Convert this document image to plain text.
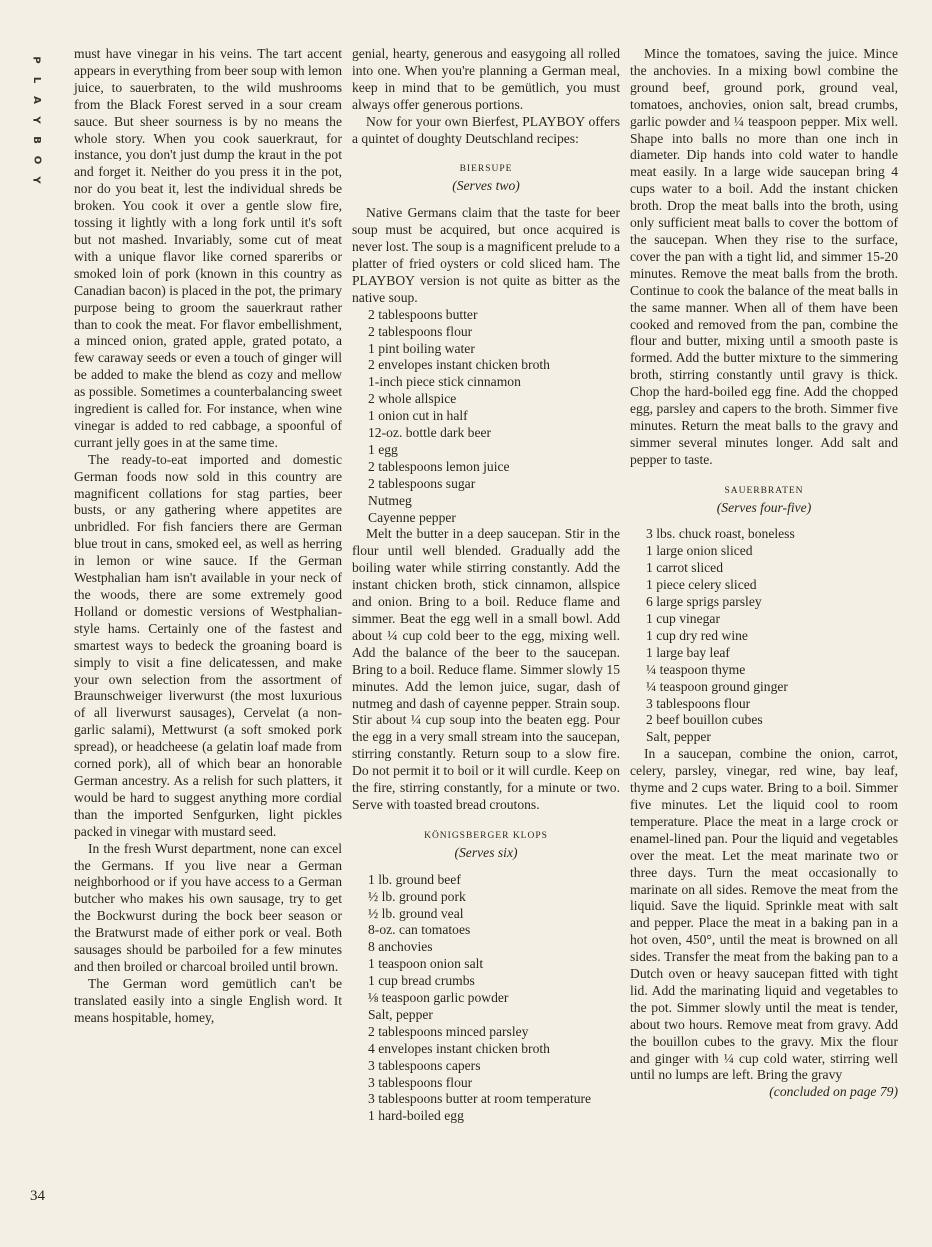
P
L
A
Y
B
O
Y
34

must have vinegar in his veins. The tart accent appears in everything from beer soup with lemon juice, to sauerbraten, to the wild mushrooms from the Black Forest served in a sour cream sauce. But sheer sourness is by no means the whole story. When you cook sauerkraut, for instance, you don't just dump the kraut in the pot and forget it. Neither do you press it in the pot, nor do you beat it, lest the individual shreds be broken. You cook it over a gentle slow fire, tossing it lightly with a long fork until it's soft but not mashed. Invariably, some cut of meat with a unique flavor like corned spareribs or smoked loin of pork (known in this country as Canadian bacon) is placed in the pot, the primary purpose being to groom the sauerkraut rather than to cook the meat. For flavor embellishment, a minced onion, grated apple, grated potato, a few caraway seeds or even a touch of ginger will be added to make the blend as cozy and mellow as possible. Sometimes a counterbalancing sweet ingredient is called for. For instance, when wine vinegar is added to red cabbage, a spoonful of currant jelly goes in at the same time.

The ready-to-eat imported and domestic German foods now sold in this country are magnificent collations for stag parties, beer busts, or any gathering where appetites are unbridled. For fish fanciers there are German blue trout in cans, smoked eel, as well as herring in lemon or wine sauce. If the German Westphalian ham isn't available in your neck of the woods, there are some extremely good Holland or domestic versions of Westphalian-style hams. Certainly one of the fastest and smartest ways to bedeck the groaning board is simply to visit a fine delicatessen, and make your own selection from the assortment of Braunschweiger liverwurst (the most luxurious of all liverwurst sausages), Cervelat (a non-garlic salami), Mettwurst (a soft smoked pork spread), or headcheese (a gelatin loaf made from corned pork), all of which bear an honorable German ancestry. As a relish for such platters, it would be hard to suggest anything more cordial than the imported Senfgurken, light pickles packed in vinegar with mustard seed.

In the fresh Wurst department, none can excel the Germans. If you live near a German neighborhood or if you have access to a German butcher who makes his own sausage, try to get the Bockwurst during the bock beer season or the Bratwurst made of either pork or veal. Both sausages should be parboiled for a few minutes and then broiled or charcoal broiled until brown.

The German word gemütlich can't be translated easily into a single English word. It means hospitable, homey,

genial, hearty, generous and easygoing all rolled into one. When you're planning a German meal, keep in mind that to be gemütlich, you must always offer generous portions.

Now for your own Bierfest, PLAYBOY offers a quintet of doughty Deutschland recipes:

BIERSUPE
(Serves two)

Native Germans claim that the taste for beer soup must be acquired, but once acquired is never lost. The soup is a magnificent prelude to a platter of fried oysters or cold sliced ham. The PLAYBOY version is not quite as bitter as the native soup.

2 tablespoons butter
2 tablespoons flour
1 pint boiling water
2 envelopes instant chicken broth
1-inch piece stick cinnamon
2 whole allspice
1 onion cut in half
12-oz. bottle dark beer
1 egg
2 tablespoons lemon juice
2 tablespoons sugar
Nutmeg
Cayenne pepper

Melt the butter in a deep saucepan. Stir in the flour until well blended. Gradually add the boiling water while stirring constantly. Add the instant chicken broth, stick cinnamon, allspice and onion. Bring to a boil. Reduce flame and simmer. Beat the egg well in a small bowl. Add about ¼ cup cold beer to the egg, mixing well. Add the balance of the beer to the saucepan. Bring to a boil. Reduce flame. Simmer slowly 15 minutes. Add the lemon juice, sugar, dash of nutmeg and dash of cayenne pepper. Strain soup. Stir about ¼ cup soup into the beaten egg. Pour the egg in a very small stream into the saucepan, stirring constantly. Return soup to a slow fire. Do not permit it to boil or it will curdle. Keep on the fire, stirring constantly, for a minute or two. Serve with toasted bread croutons.

KÖNIGSBERGER KLOPS
(Serves six)
1 lb. ground beef
½ lb. ground pork
½ lb. ground veal
8-oz. can tomatoes
8 anchovies
1 teaspoon onion salt
1 cup bread crumbs
⅛ teaspoon garlic powder
Salt, pepper
2 tablespoons minced parsley
4 envelopes instant chicken broth
3 tablespoons capers
3 tablespoons flour
3 tablespoons butter at room temperature
1 hard-boiled egg

Mince the tomatoes, saving the juice. Mince the anchovies. In a mixing bowl combine the ground beef, ground pork, ground veal, tomatoes, anchovies, onion salt, bread crumbs, garlic powder and ¼ teaspoon pepper. Mix well. Shape into balls no more than one inch in diameter. Dip hands into cold water to handle meat easily. In a large wide saucepan bring 4 cups water to a boil. Add the instant chicken broth. Drop the meat balls into the broth, using only sufficient meat balls to cover the bottom of the saucepan. When they rise to the surface, cover the pan with a tight lid, and simmer 15-20 minutes. Remove the meat balls from the broth. Continue to cook the balance of the meat balls in the same manner. When all of them have been cooked and removed from the pan, combine the flour and butter, mixing until a smooth paste is formed. Add the butter mixture to the simmering broth, stirring constantly until gravy is thick. Chop the hard-boiled egg fine. Add the chopped egg, parsley and capers to the broth. Simmer five minutes. Return the meat balls to the gravy and simmer several minutes longer. Add salt and pepper to taste.

SAUERBRATEN
(Serves four-five)
3 lbs. chuck roast, boneless
1 large onion sliced
1 carrot sliced
1 piece celery sliced
6 large sprigs parsley
1 cup vinegar
1 cup dry red wine
1 large bay leaf
¼ teaspoon thyme
¼ teaspoon ground ginger
3 tablespoons flour
2 beef bouillon cubes
Salt, pepper

In a saucepan, combine the onion, carrot, celery, parsley, vinegar, red wine, bay leaf, thyme and 2 cups water. Bring to a boil. Simmer five minutes. Let the liquid cool to room temperature. Place the meat in a large crock or enamel-lined pan. Pour the liquid and vegetables over the meat. Let the meat marinate two or three days. Turn the meat occasionally to marinate on all sides. Remove the meat from the liquid. Save the liquid. Sprinkle meat with salt and pepper. Place the meat in a baking pan in a hot oven, 450°, until the meat is browned on all sides. Transfer the meat from the baking pan to a Dutch oven or heavy saucepan fitted with tight lid. Add the marinating liquid and vegetables to the pot. Simmer slowly until the meat is tender, about two hours. Remove meat from gravy. Add the bouillon cubes to the gravy. Mix the flour and ginger with ¼ cup cold water, stirring well until no lumps are left. Bring the gravy

(concluded on page 79)
